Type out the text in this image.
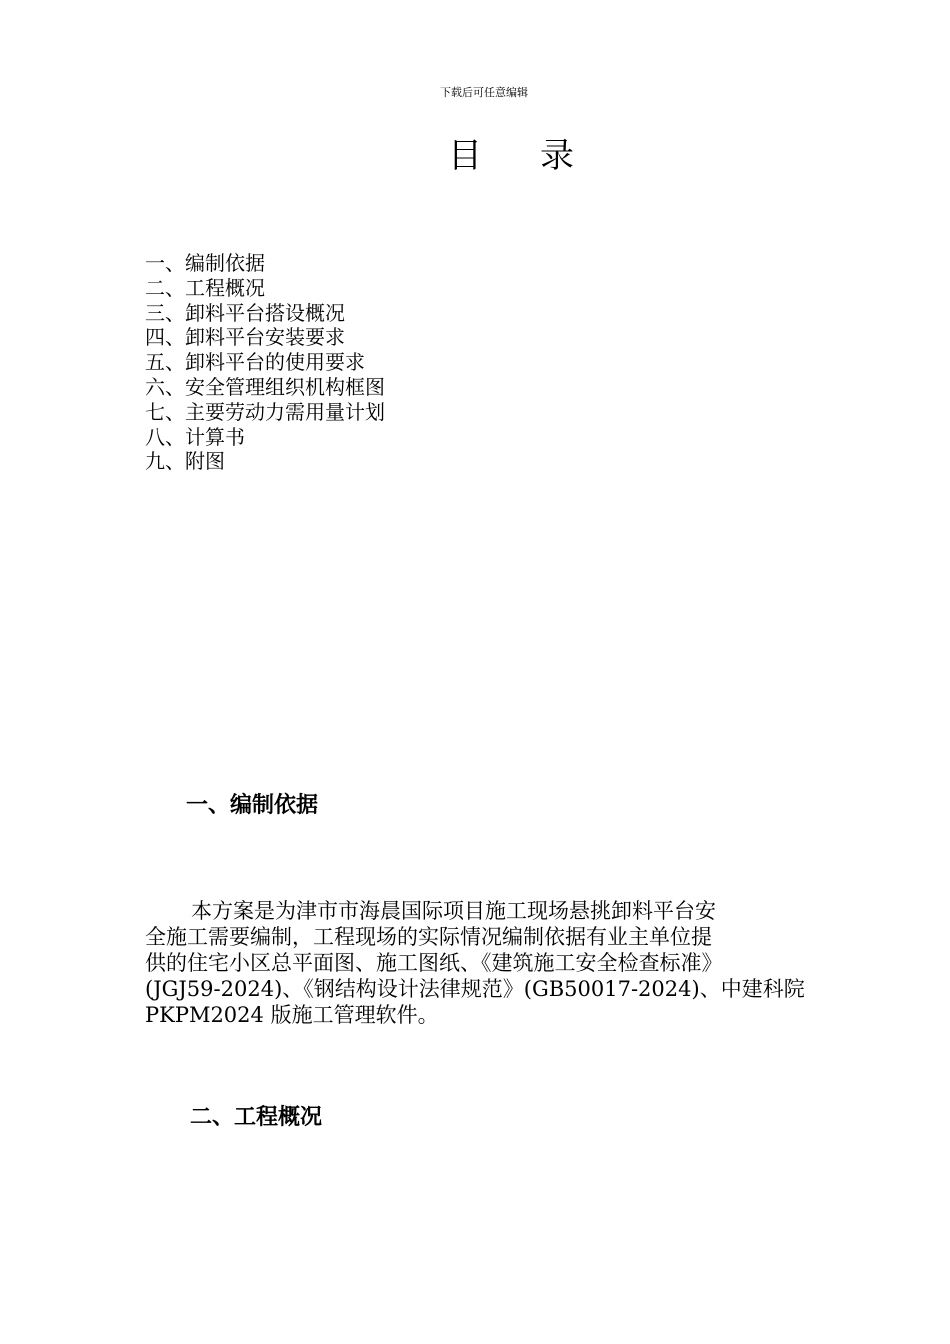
下载后可任意编辑
目 录
一、编制依据
二、工程概况
三、卸料平台搭设概况
四、卸料平台安装要求
五、卸料平台的使用要求
六、安全管理组织机构框图
七、主要劳动力需用量计划
八、计算书
九、附图
一、编制依据
本方案是为津市市海晨国际项目施工现场悬挑卸料平台安
全施工需要编制，工程现场的实际情况编制依据有业主单位提
供的住宅小区总平面图、施工图纸、《建筑施工安全检查标准》
(JGJ59-2024)、《钢结构设计法律规范》(GB50017-2024)、中建科院
PKPM2024 版施工管理软件。
二、工程概况
